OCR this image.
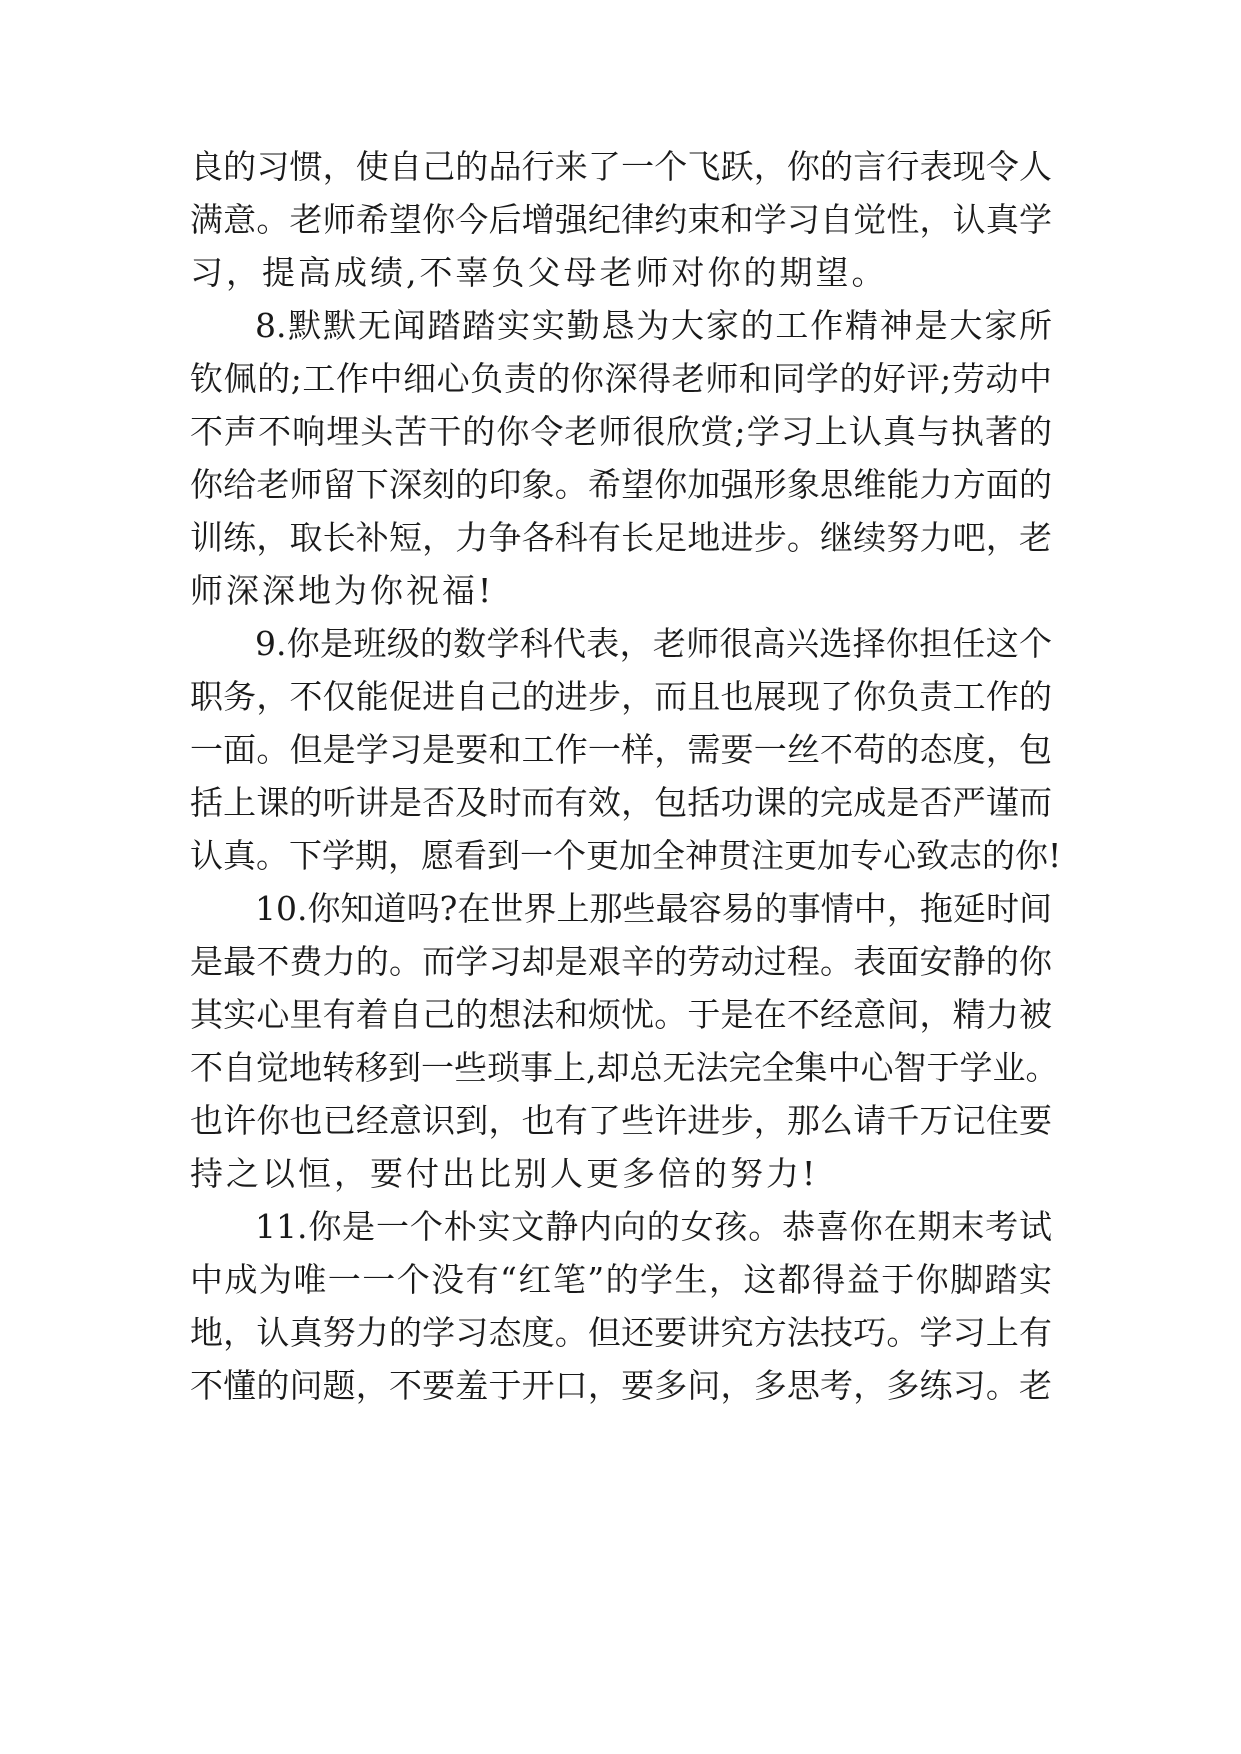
良的习惯，使自己的品行来了一个飞跃，你的言行表现令人
满意。老师希望你今后增强纪律约束和学习自觉性，认真学
习，提高成绩,不辜负父母老师对你的期望。
8.默默无闻踏踏实实勤恳为大家的工作精神是大家所
钦佩的;工作中细心负责的你深得老师和同学的好评;劳动中
不声不响埋头苦干的你令老师很欣赏;学习上认真与执著的
你给老师留下深刻的印象。希望你加强形象思维能力方面的
训练，取长补短，力争各科有长足地进步。继续努力吧，老
师深深地为你祝福!
9.你是班级的数学科代表，老师很高兴选择你担任这个
职务，不仅能促进自己的进步，而且也展现了你负责工作的
一面。但是学习是要和工作一样，需要一丝不苟的态度，包
括上课的听讲是否及时而有效，包括功课的完成是否严谨而
认真。下学期，愿看到一个更加全神贯注更加专心致志的你!
10.你知道吗?在世界上那些最容易的事情中，拖延时间
是最不费力的。而学习却是艰辛的劳动过程。表面安静的你
其实心里有着自己的想法和烦忧。于是在不经意间，精力被
不自觉地转移到一些琐事上,却总无法完全集中心智于学业。
也许你也已经意识到，也有了些许进步，那么请千万记住要
持之以恒，要付出比别人更多倍的努力!
11.你是一个朴实文静内向的女孩。恭喜你在期末考试
中成为唯一一个没有“红笔”的学生，这都得益于你脚踏实
地，认真努力的学习态度。但还要讲究方法技巧。学习上有
不懂的问题，不要羞于开口，要多问，多思考，多练习。老
